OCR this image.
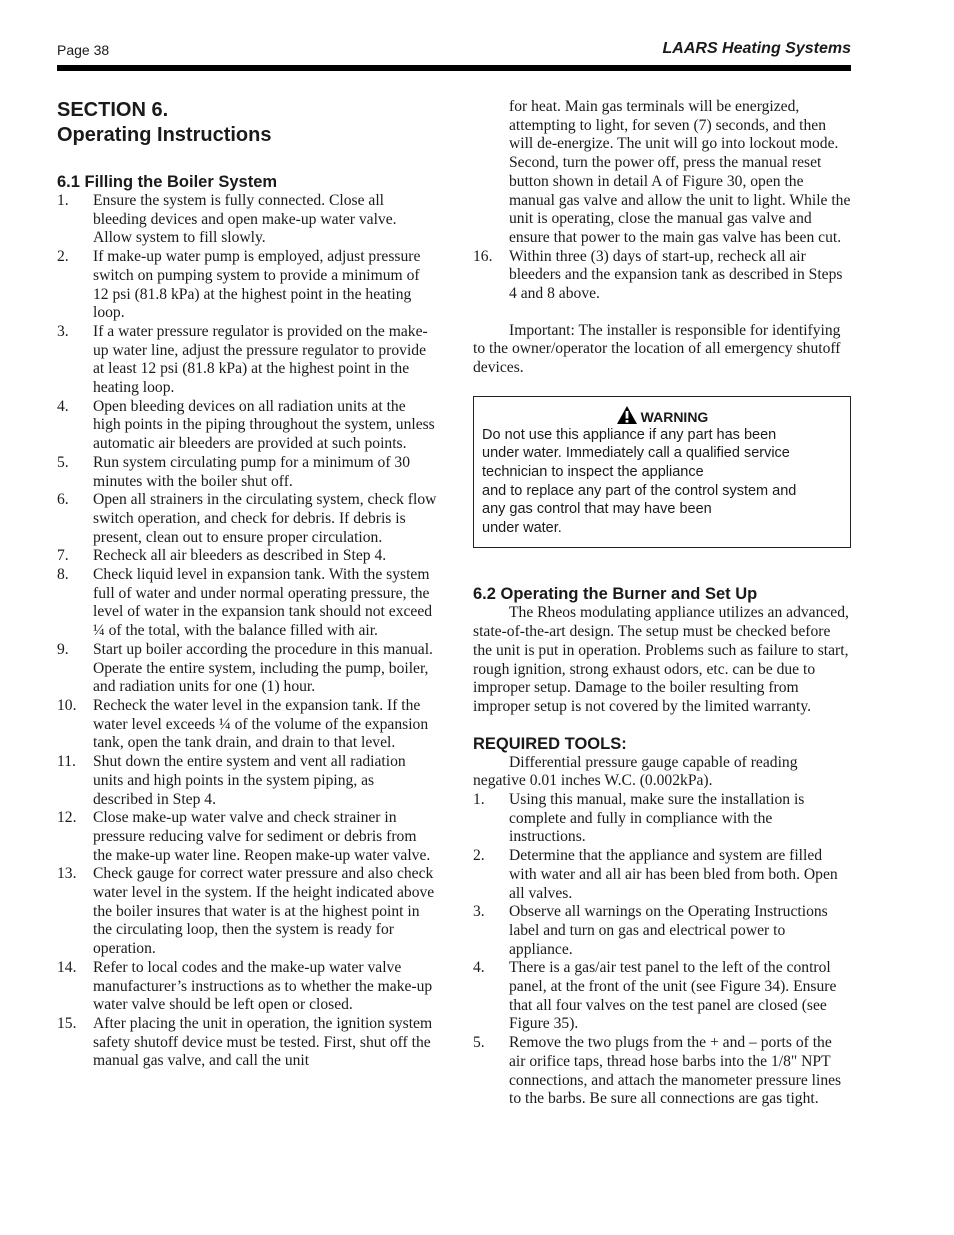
Page 38	LAARS Heating Systems
SECTION 6.
Operating Instructions
6.1 Filling the Boiler System
1. Ensure the system is fully connected. Close all bleeding devices and open make-up water valve. Allow system to fill slowly.
2. If make-up water pump is employed, adjust pressure switch on pumping system to provide a minimum of 12 psi (81.8 kPa) at the highest point in the heating loop.
3. If a water pressure regulator is provided on the make-up water line, adjust the pressure regulator to provide at least 12 psi (81.8 kPa) at the highest point in the heating loop.
4. Open bleeding devices on all radiation units at the high points in the piping throughout the system, unless automatic air bleeders are provided at such points.
5. Run system circulating pump for a minimum of 30 minutes with the boiler shut off.
6. Open all strainers in the circulating system, check flow switch operation, and check for debris. If debris is present, clean out to ensure proper circulation.
7. Recheck all air bleeders as described in Step 4.
8. Check liquid level in expansion tank. With the system full of water and under normal operating pressure, the level of water in the expansion tank should not exceed ¼ of the total, with the balance filled with air.
9. Start up boiler according the procedure in this manual. Operate the entire system, including the pump, boiler, and radiation units for one (1) hour.
10. Recheck the water level in the expansion tank. If the water level exceeds ¼ of the volume of the expansion tank, open the tank drain, and drain to that level.
11. Shut down the entire system and vent all radiation units and high points in the system piping, as described in Step 4.
12. Close make-up water valve and check strainer in pressure reducing valve for sediment or debris from the make-up water line. Reopen make-up water valve.
13. Check gauge for correct water pressure and also check water level in the system. If the height indicated above the boiler insures that water is at the highest point in the circulating loop, then the system is ready for operation.
14. Refer to local codes and the make-up water valve manufacturer’s instructions as to whether the make-up water valve should be left open or closed.
15. After placing the unit in operation, the ignition system safety shutoff device must be tested. First, shut off the manual gas valve, and call the unit
for heat. Main gas terminals will be energized, attempting to light, for seven (7) seconds, and then will de-energize. The unit will go into lockout mode. Second, turn the power off, press the manual reset button shown in detail A of Figure 30, open the manual gas valve and allow the unit to light. While the unit is operating, close the manual gas valve and ensure that power to the main gas valve has been cut.
16. Within three (3) days of start-up, recheck all air bleeders and the expansion tank as described in Steps 4 and 8 above.
Important: The installer is responsible for identifying to the owner/operator the location of all emergency shutoff devices.
WARNING
Do not use this appliance if any part has been
under water. Immediately call a qualified service
technician to inspect the appliance
and to replace any part of the control system and
any gas control that may have been
under water.
6.2 Operating the Burner and Set Up
The Rheos modulating appliance utilizes an advanced, state-of-the-art design. The setup must be checked before the unit is put in operation. Problems such as failure to start, rough ignition, strong exhaust odors, etc. can be due to improper setup. Damage to the boiler resulting from improper setup is not covered by the limited warranty.
REQUIRED TOOLS:
Differential pressure gauge capable of reading negative 0.01 inches W.C. (0.002kPa).
1. Using this manual, make sure the installation is complete and fully in compliance with the instructions.
2. Determine that the appliance and system are filled with water and all air has been bled from both. Open all valves.
3. Observe all warnings on the Operating Instructions label and turn on gas and electrical power to appliance.
4. There is a gas/air test panel to the left of the control panel, at the front of the unit (see Figure 34). Ensure that all four valves on the test panel are closed (see Figure 35).
5. Remove the two plugs from the + and – ports of the air orifice taps, thread hose barbs into the 1/8" NPT connections, and attach the manometer pressure lines to the barbs. Be sure all connections are gas tight.
